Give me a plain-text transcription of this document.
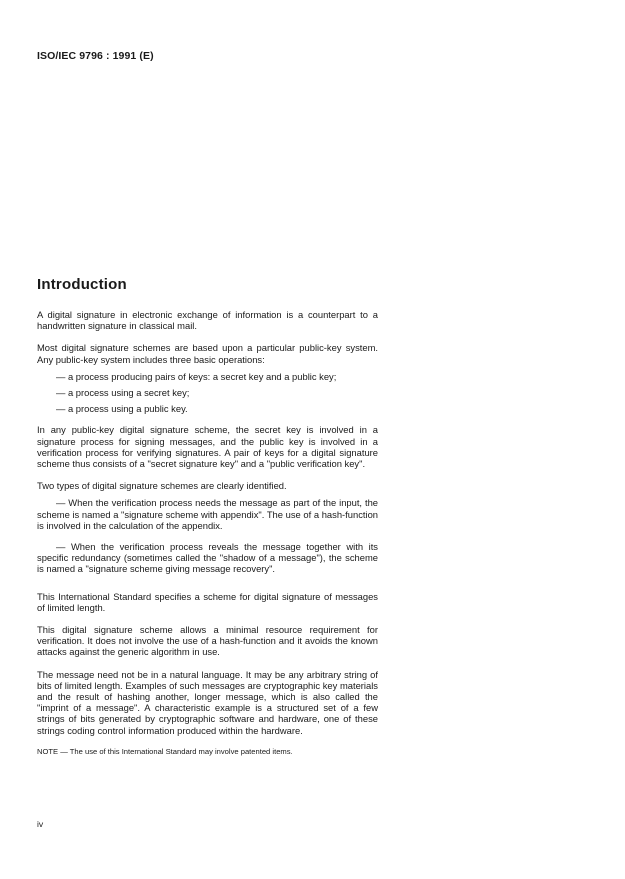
ISO/IEC 9796 : 1991 (E)
Introduction

A digital signature in electronic exchange of information is a counterpart to a handwritten signature in classical mail.

Most digital signature schemes are based upon a particular public-key system. Any public-key system includes three basic operations:

— a process producing pairs of keys: a secret key and a public key;
— a process using a secret key;
— a process using a public key.

In any public-key digital signature scheme, the secret key is involved in a signature process for signing messages, and the public key is involved in a verification process for verifying signatures. A pair of keys for a digital signature scheme thus consists of a "secret signature key" and a "public verification key".

Two types of digital signature schemes are clearly identified.

— When the verification process needs the message as part of the input, the scheme is named a "signature scheme with appendix". The use of a hash-function is involved in the calculation of the appendix.
— When the verification process reveals the message together with its specific redundancy (sometimes called the "shadow of a message"), the scheme is named a "signature scheme giving message recovery".

This International Standard specifies a scheme for digital signature of messages of limited length.

This digital signature scheme allows a minimal resource requirement for verification. It does not involve the use of a hash-function and it avoids the known attacks against the generic algorithm in use.

The message need not be in a natural language. It may be any arbitrary string of bits of limited length. Examples of such messages are cryptographic key materials and the result of hashing another, longer message, which is also called the "imprint of a message". A characteristic example is a structured set of a few strings of bits generated by cryptographic software and hardware, one of these strings coding control information produced within the hardware.

NOTE — The use of this International Standard may involve patented items.
iv
